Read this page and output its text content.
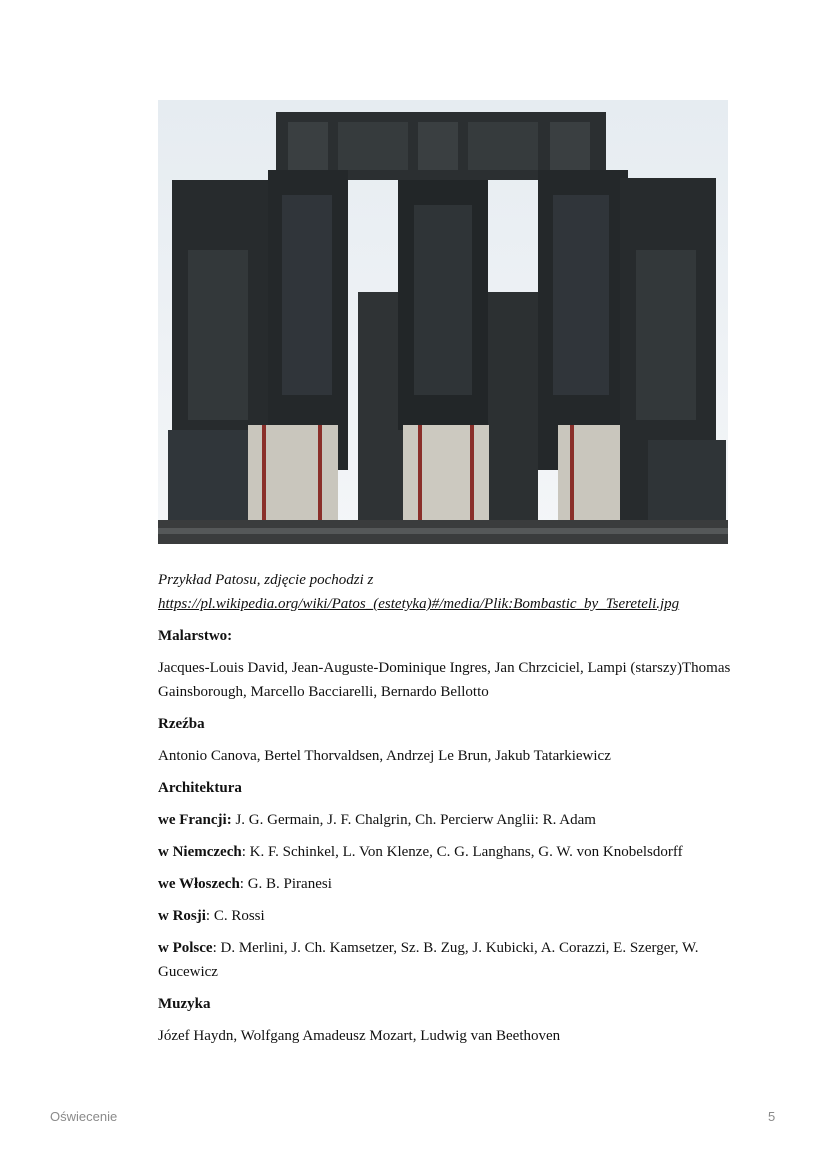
Przykład Patosu, zdjęcie pochodzi z
https://pl.wikipedia.org/wiki/Patos_(estetyka)#/media/Plik:Bombastic_by_Tsereteli.jpg

Malarstwo:

Jacques-Louis David, Jean-Auguste-Dominique Ingres, Jan Chrzciciel, Lampi (starszy)Thomas Gainsborough, Marcello Bacciarelli, Bernardo Bellotto

Rzeźba

Antonio Canova, Bertel Thorvaldsen, Andrzej Le Brun, Jakub Tatarkiewicz

Architektura

we Francji: J. G. Germain, J. F. Chalgrin, Ch. Percierw Anglii: R. Adam

w Niemczech: K. F. Schinkel, L. Von Klenze, C. G. Langhans, G. W. von Knobelsdorff

we Włoszech: G. B. Piranesi

w Rosji: C. Rossi

w Polsce: D. Merlini, J. Ch. Kamsetzer, Sz. B. Zug, J. Kubicki, A. Corazzi, E. Szerger, W. Gucewicz

Muzyka

Józef Haydn, Wolfgang Amadeusz Mozart, Ludwig van Beethoven

Oświecenie	5
